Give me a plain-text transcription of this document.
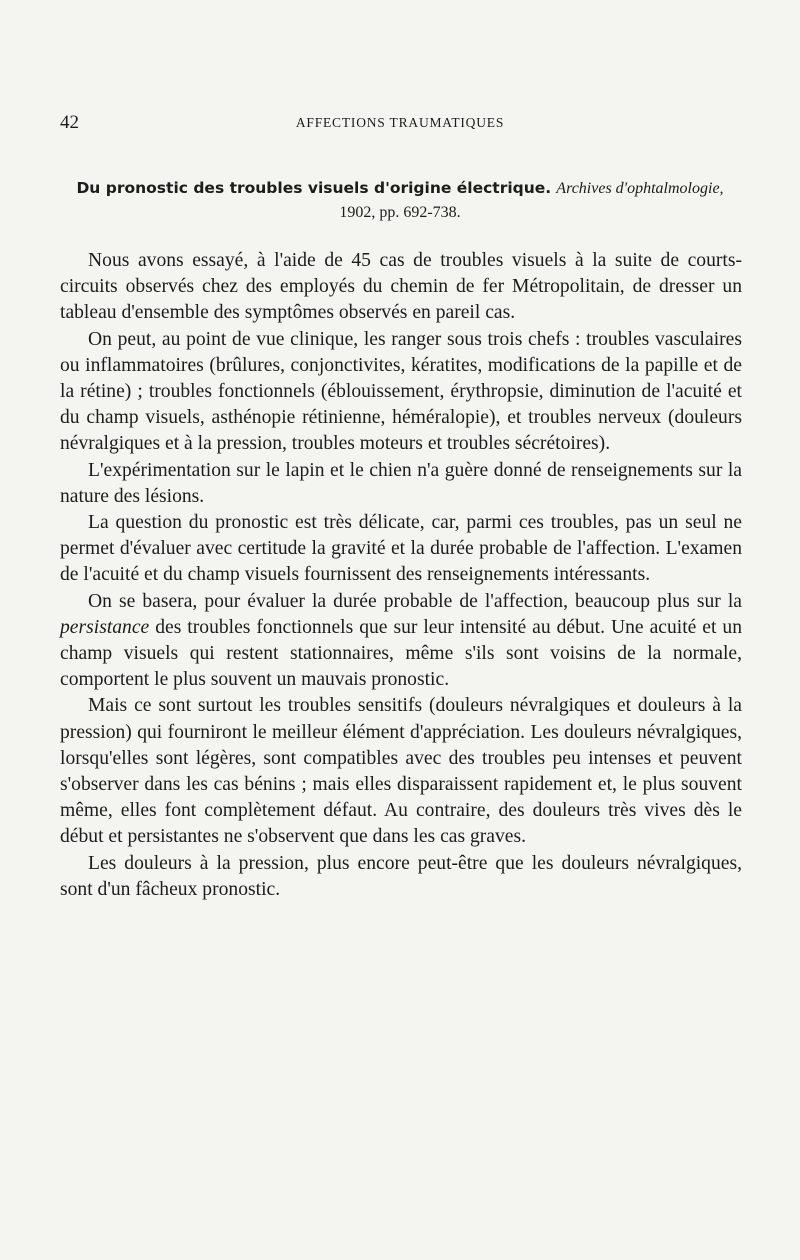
42	AFFECTIONS TRAUMATIQUES
Du pronostic des troubles visuels d'origine électrique. Archives d'ophtalmologie,
1902, pp. 692-738.

Nous avons essayé, à l'aide de 45 cas de troubles visuels à la suite de courts-circuits observés chez des employés du chemin de fer Métropolitain, de dresser un tableau d'ensemble des symptômes observés en pareil cas.

On peut, au point de vue clinique, les ranger sous trois chefs : troubles vasculaires ou inflammatoires (brûlures, conjonctivites, kératites, modifications de la papille et de la rétine) ; troubles fonctionnels (éblouissement, érythropsie, diminution de l'acuité et du champ visuels, asthénopie rétinienne, héméralopie), et troubles nerveux (douleurs névralgiques et à la pression, troubles moteurs et troubles sécrétoires).

L'expérimentation sur le lapin et le chien n'a guère donné de renseignements sur la nature des lésions.

La question du pronostic est très délicate, car, parmi ces troubles, pas un seul ne permet d'évaluer avec certitude la gravité et la durée probable de l'affection. L'examen de l'acuité et du champ visuels fournissent des renseignements intéressants.

On se basera, pour évaluer la durée probable de l'affection, beaucoup plus sur la persistance des troubles fonctionnels que sur leur intensité au début. Une acuité et un champ visuels qui restent stationnaires, même s'ils sont voisins de la normale, comportent le plus souvent un mauvais pronostic.

Mais ce sont surtout les troubles sensitifs (douleurs névralgiques et douleurs à la pression) qui fourniront le meilleur élément d'appréciation. Les douleurs névralgiques, lorsqu'elles sont légères, sont compatibles avec des troubles peu intenses et peuvent s'observer dans les cas bénins ; mais elles disparaissent rapidement et, le plus souvent même, elles font complètement défaut. Au contraire, des douleurs très vives dès le début et persistantes ne s'observent que dans les cas graves.

Les douleurs à la pression, plus encore peut-être que les douleurs névralgiques, sont d'un fâcheux pronostic.
